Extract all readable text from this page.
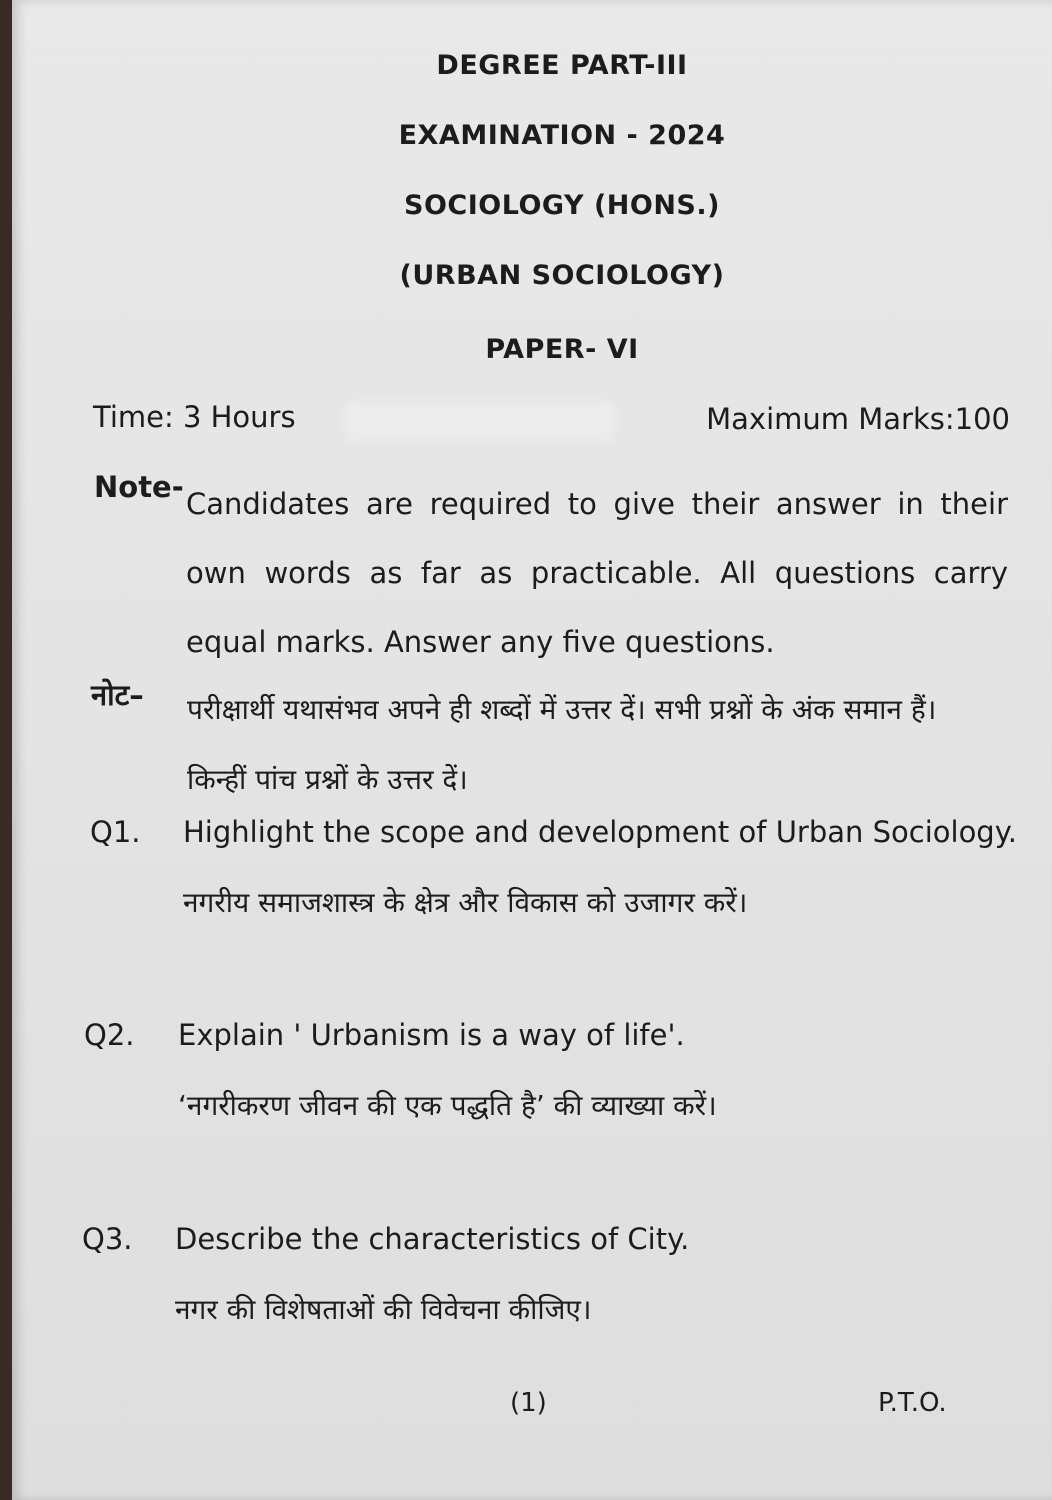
DEGREE PART-III
EXAMINATION - 2024
SOCIOLOGY (HONS.)
(URBAN SOCIOLOGY)
PAPER- VI
Time: 3 Hours	Maximum Marks:100
Note- Candidates are required to give their answer in their own words as far as practicable. All questions carry equal marks. Answer any five questions.
नोट– परीक्षार्थी यथासंभव अपने ही शब्दों में उत्तर दें। सभी प्रश्नों के अंक समान हैं। किन्हीं पांच प्रश्नों के उत्तर दें।
Q1. Highlight the scope and development of Urban Sociology.
नगरीय समाजशास्त्र के क्षेत्र और विकास को उजागर करें।
Q2. Explain ' Urbanism is a way of life'.
‘नगरीकरण जीवन की एक पद्धति है’ की व्याख्या करें।
Q3. Describe the characteristics of City.
नगर की विशेषताओं की विवेचना कीजिए।
(1)	P.T.O.
